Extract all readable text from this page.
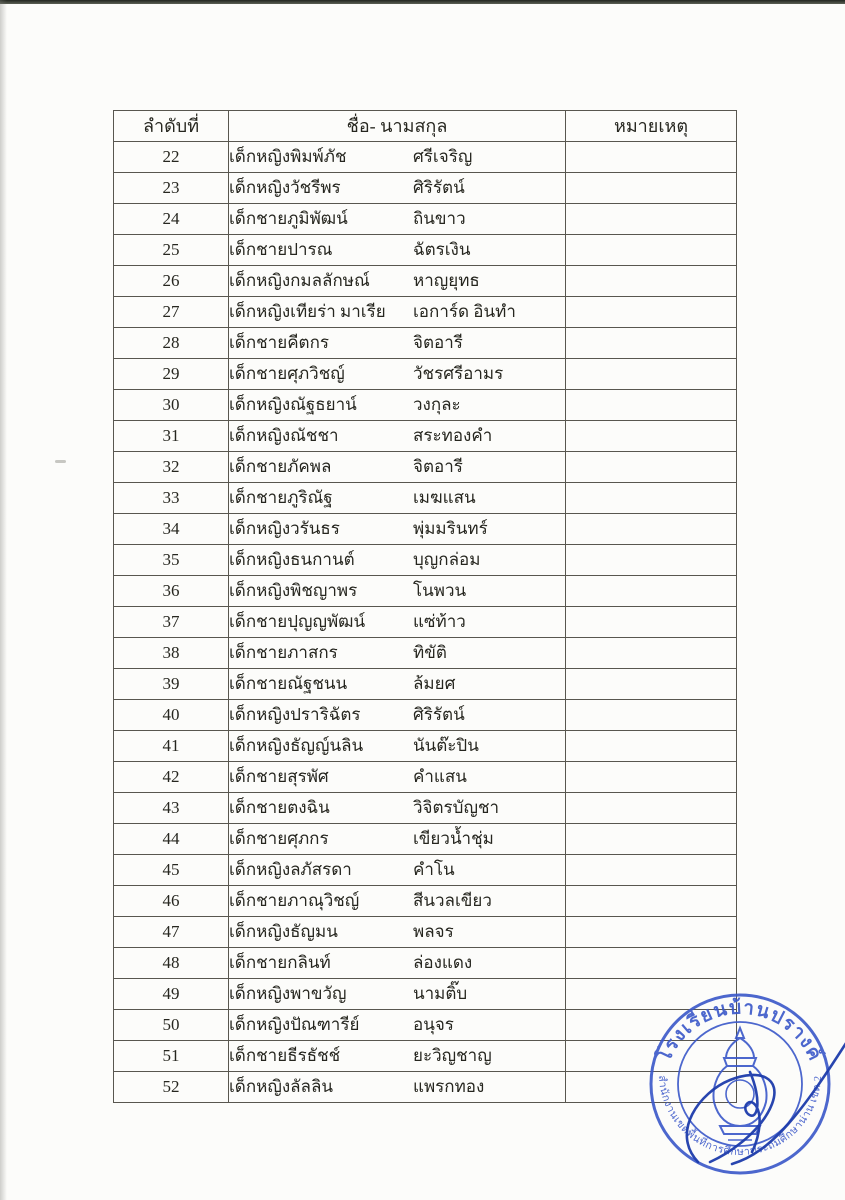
ลำดับที่	ชื่อ- นามสกุล	หมายเหตุ
22	เด็กหญิงพิมพ์ภัช ศรีเจริญ	
23	เด็กหญิงวัชรีพร ศิริรัตน์	
24	เด็กชายภูมิพัฒน์ ถินขาว	
25	เด็กชายปารณ ฉัตรเงิน	
26	เด็กหญิงกมลลักษณ์ หาญยุทธ	
27	เด็กหญิงเทียร่า มาเรีย เอการ์ด อินทำ	
28	เด็กชายคีตกร จิตอารี	
29	เด็กชายศุภวิชญ์ วัชรศรีอามร	
30	เด็กหญิงณัฐธยาน์ วงกุละ	
31	เด็กหญิงณัชชา สระทองคำ	
32	เด็กชายภัคพล จิตอารี	
33	เด็กชายภูริณัฐ เมฆแสน	
34	เด็กหญิงวรันธร พุ่มมรินทร์	
35	เด็กหญิงธนกานต์ บุญกล่อม	
36	เด็กหญิงพิชญาพร โนพวน	
37	เด็กชายปุญญพัฒน์ แซ่ท้าว	
38	เด็กชายภาสกร ทิขัติ	
39	เด็กชายณัฐชนน ล้มยศ	
40	เด็กหญิงปราริฉัตร ศิริรัตน์	
41	เด็กหญิงธัญญ์นลิน นันต๊ะปิน	
42	เด็กชายสุรพัศ คำแสน	
43	เด็กชายตงฉิน วิจิตรบัญชา	
44	เด็กชายศุภกร เขียวน้ำชุ่ม	
45	เด็กหญิงลภัสรดา คำโน	
46	เด็กชายภาณุวิชญ์ สีนวลเขียว	
47	เด็กหญิงธัญมน พลจร	
48	เด็กชายกลินท์ ล่องแดง	
49	เด็กหญิงพาขวัญ นามติ๊บ	
50	เด็กหญิงปัณฑารีย์ อนุจร	
51	เด็กชายธีรธัชช์ ยะวิญชาญ	
52	เด็กหญิงลัลลิน แพรกทอง	
โรงเรียนบ้านปรางค์
สำนักงานเขตพื้นที่การศึกษาประถมศึกษาน่าน เขต 2
